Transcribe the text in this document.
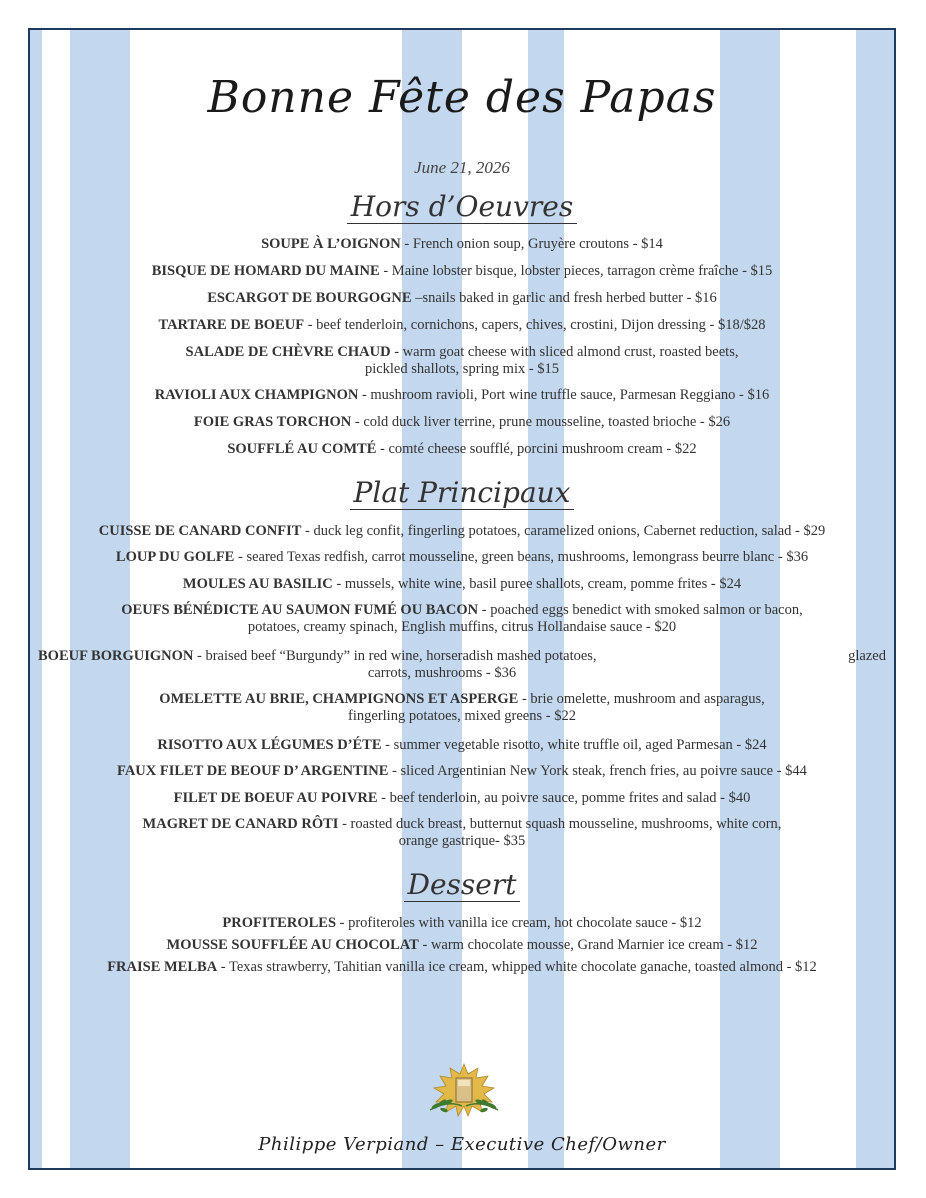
Bonne Fête des Papas
June 21, 2026
Hors d’Oeuvres

SOUPE À L’OIGNON - French onion soup, Gruyère croutons - $14

BISQUE DE HOMARD DU MAINE - Maine lobster bisque, lobster pieces, tarragon crème fraîche - $15

ESCARGOT DE BOURGOGNE –snails baked in garlic and fresh herbed butter - $16

TARTARE DE BOEUF - beef tenderloin, cornichons, capers, chives, crostini, Dijon dressing - $18/$28

SALADE DE CHÈVRE CHAUD - warm goat cheese with sliced almond crust, roasted beets,
pickled shallots, spring mix - $15

RAVIOLI AUX CHAMPIGNON - mushroom ravioli, Port wine truffle sauce, Parmesan Reggiano - $16

FOIE GRAS TORCHON - cold duck liver terrine, prune mousseline, toasted brioche - $26

SOUFFLÉ AU COMTÉ - comté cheese soufflé, porcini mushroom cream - $22

Plat Principaux

CUISSE DE CANARD CONFIT - duck leg confit, fingerling potatoes, caramelized onions, Cabernet reduction, salad - $29

LOUP DU GOLFE - seared Texas redfish, carrot mousseline, green beans, mushrooms, lemongrass beurre blanc - $36

MOULES AU BASILIC - mussels, white wine, basil puree shallots, cream, pomme frites - $24

OEUFS BÉNÉDICTE AU SAUMON FUMÉ OU BACON - poached eggs benedict with smoked salmon or bacon,
potatoes, creamy spinach, English muffins, citrus Hollandaise sauce - $20

BOEUF BORGUIGNON - braised beef “Burgundy” in red wine, horseradish mashed potatoes,	glazed

carrots, mushrooms - $36

OMELETTE AU BRIE, CHAMPIGNONS ET ASPERGE - brie omelette, mushroom and asparagus,
fingerling potatoes, mixed greens - $22

RISOTTO AUX LÉGUMES D’ÉTE - summer vegetable risotto, white truffle oil, aged Parmesan - $24

FAUX FILET DE BEOUF D’ ARGENTINE - sliced Argentinian New York steak, french fries, au poivre sauce - $44

FILET DE BOEUF AU POIVRE - beef tenderloin, au poivre sauce, pomme frites and salad - $40

MAGRET DE CANARD RÔTI - roasted duck breast, butternut squash mousseline, mushrooms, white corn,
orange gastrique- $35

Dessert

PROFITEROLES - profiteroles with vanilla ice cream, hot chocolate sauce - $12

MOUSSE SOUFFLÉE AU CHOCOLAT - warm chocolate mousse, Grand Marnier ice cream - $12

FRAISE MELBA - Texas strawberry, Tahitian vanilla ice cream, whipped white chocolate ganache, toasted almond - $12

Philippe Verpiand – Executive Chef/Owner
